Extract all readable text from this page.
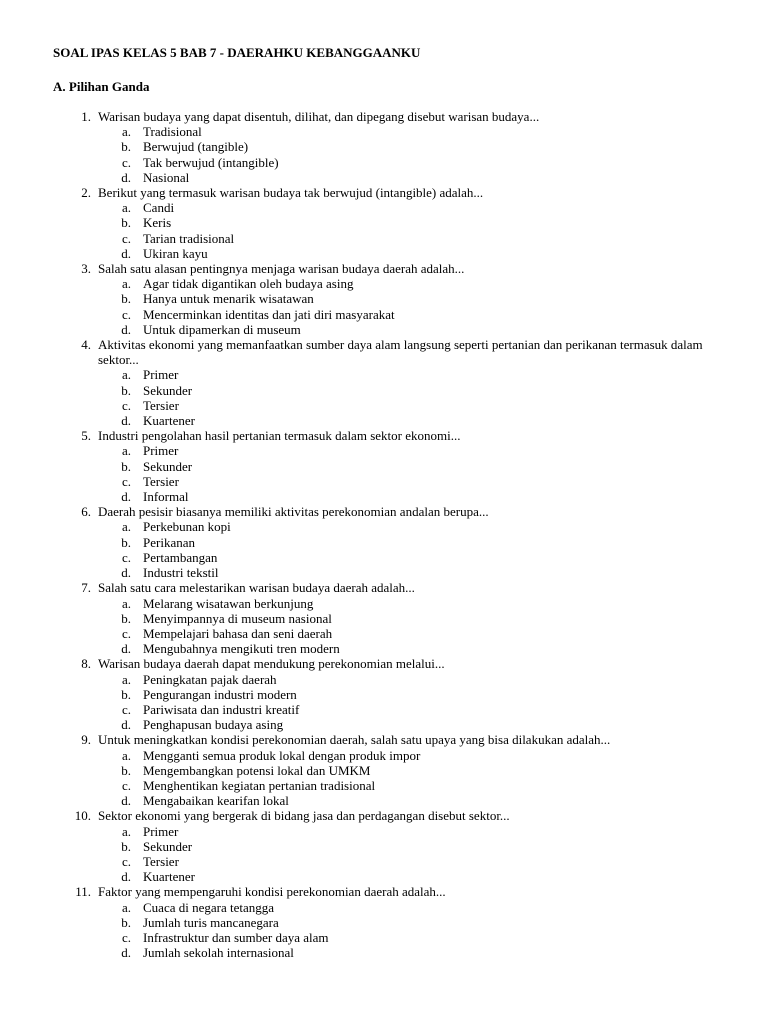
SOAL IPAS KELAS 5 BAB 7 - DAERAHKU KEBANGGAANKU
A. Pilihan Ganda
1. Warisan budaya yang dapat disentuh, dilihat, dan dipegang disebut warisan budaya...
a. Tradisional
b. Berwujud (tangible)
c. Tak berwujud (intangible)
d. Nasional
2. Berikut yang termasuk warisan budaya tak berwujud (intangible) adalah...
a. Candi
b. Keris
c. Tarian tradisional
d. Ukiran kayu
3. Salah satu alasan pentingnya menjaga warisan budaya daerah adalah...
a. Agar tidak digantikan oleh budaya asing
b. Hanya untuk menarik wisatawan
c. Mencerminkan identitas dan jati diri masyarakat
d. Untuk dipamerkan di museum
4. Aktivitas ekonomi yang memanfaatkan sumber daya alam langsung seperti pertanian dan perikanan termasuk dalam sektor...
a. Primer
b. Sekunder
c. Tersier
d. Kuartener
5. Industri pengolahan hasil pertanian termasuk dalam sektor ekonomi...
a. Primer
b. Sekunder
c. Tersier
d. Informal
6. Daerah pesisir biasanya memiliki aktivitas perekonomian andalan berupa...
a. Perkebunan kopi
b. Perikanan
c. Pertambangan
d. Industri tekstil
7. Salah satu cara melestarikan warisan budaya daerah adalah...
a. Melarang wisatawan berkunjung
b. Menyimpannya di museum nasional
c. Mempelajari bahasa dan seni daerah
d. Mengubahnya mengikuti tren modern
8. Warisan budaya daerah dapat mendukung perekonomian melalui...
a. Peningkatan pajak daerah
b. Pengurangan industri modern
c. Pariwisata dan industri kreatif
d. Penghapusan budaya asing
9. Untuk meningkatkan kondisi perekonomian daerah, salah satu upaya yang bisa dilakukan adalah...
a. Mengganti semua produk lokal dengan produk impor
b. Mengembangkan potensi lokal dan UMKM
c. Menghentikan kegiatan pertanian tradisional
d. Mengabaikan kearifan lokal
10. Sektor ekonomi yang bergerak di bidang jasa dan perdagangan disebut sektor...
a. Primer
b. Sekunder
c. Tersier
d. Kuartener
11. Faktor yang mempengaruhi kondisi perekonomian daerah adalah...
a. Cuaca di negara tetangga
b. Jumlah turis mancanegara
c. Infrastruktur dan sumber daya alam
d. Jumlah sekolah internasional
